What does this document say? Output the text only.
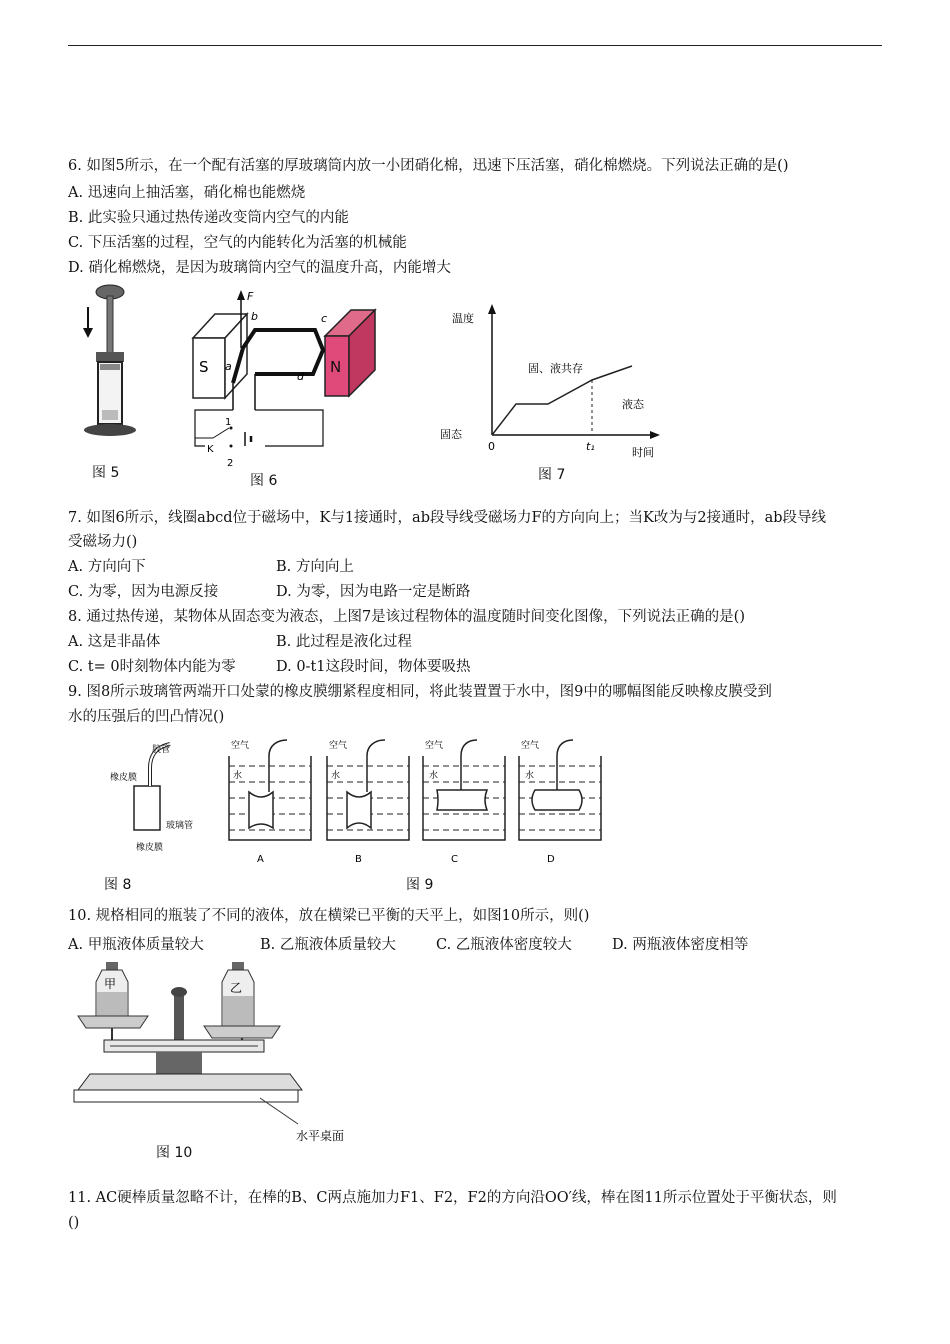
6. 如图5所示，在一个配有活塞的厚玻璃筒内放一小团硝化棉，迅速下压活塞，硝化棉燃烧。下列说法正确的是()
A. 迅速向上抽活塞，硝化棉也能燃烧
B. 此实验只通过热传递改变筒内空气的内能
C. 下压活塞的过程，空气的内能转化为活塞的机械能
D. 硝化棉燃烧，是因为玻璃筒内空气的温度升高，内能增大
图 5
S	N
F
a
b	c
d
1
K
2
图 6
温度
时间
0
固态
固、液共存
液态
t₁
图 7
7. 如图6所示，线圈abcd位于磁场中，K与1接通时，ab段导线受磁场力F的方向向上；当K改为与2接通时，ab段导线
受磁场力()
A. 方向向下	B. 方向向上
C. 为零，因为电源反接	D. 为零，因为电路一定是断路
8. 通过热传递，某物体从固态变为液态，上图7是该过程物体的温度随时间变化图像，下列说法正确的是()
A. 这是非晶体	B. 此过程是液化过程
C. t= 0时刻物体内能为零	D. 0-t1这段时间，物体要吸热
9. 图8所示玻璃管两端开口处蒙的橡皮膜绷紧程度相同，将此装置置于水中，图9中的哪幅图能反映橡皮膜受到
水的压强后的凹凸情况()
胶管
橡皮膜
玻璃管
橡皮膜
图 8
空气
水
A
空气
水
B
空气
水
C
空气
水
D
图 9
10. 规格相同的瓶装了不同的液体，放在横梁已平衡的天平上，如图10所示，则()
A. 甲瓶液体质量较大	B. 乙瓶液体质量较大	C. 乙瓶液体密度较大	D. 两瓶液体密度相等
甲	乙
水平桌面
图 10
11. AC硬棒质量忽略不计，在棒的B、C两点施加力F1、F2，F2的方向沿OO′线，棒在图11所示位置处于平衡状态，则
()
